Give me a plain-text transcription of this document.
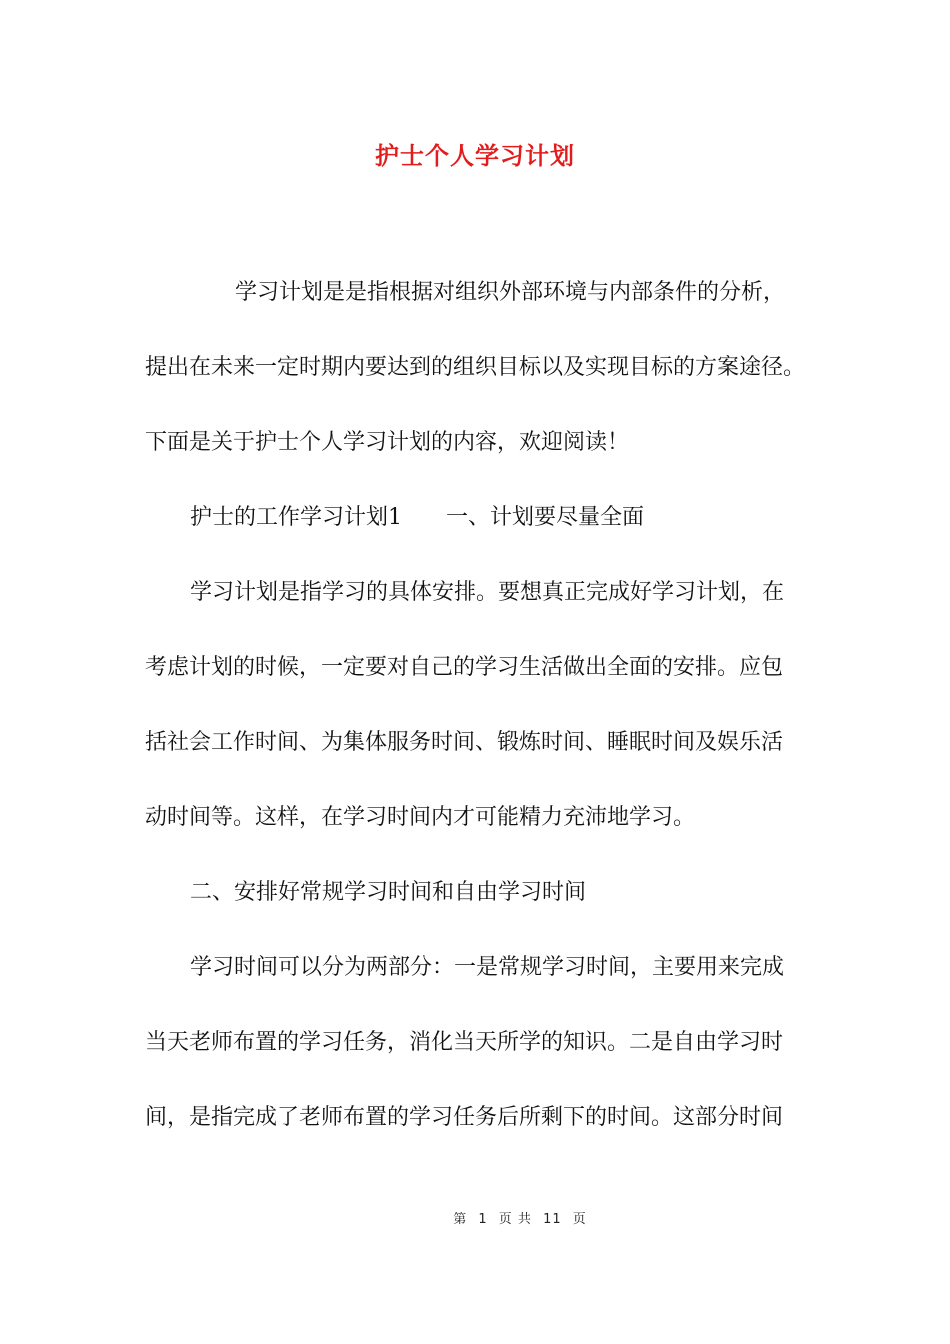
护士个人学习计划
学习计划是是指根据对组织外部环境与内部条件的分析，
提出在未来一定时期内要达到的组织目标以及实现目标的方案途径。
下面是关于护士个人学习计划的内容，欢迎阅读！
护士的工作学习计划1　　一、计划要尽量全面
学习计划是指学习的具体安排。要想真正完成好学习计划，在
考虑计划的时候，一定要对自己的学习生活做出全面的安排。应包
括社会工作时间、为集体服务时间、锻炼时间、睡眠时间及娱乐活
动时间等。这样，在学习时间内才可能精力充沛地学习。
二、安排好常规学习时间和自由学习时间
学习时间可以分为两部分：一是常规学习时间，主要用来完成
当天老师布置的学习任务，消化当天所学的知识。二是自由学习时
间，是指完成了老师布置的学习任务后所剩下的时间。这部分时间
第 1 页 共 11 页
